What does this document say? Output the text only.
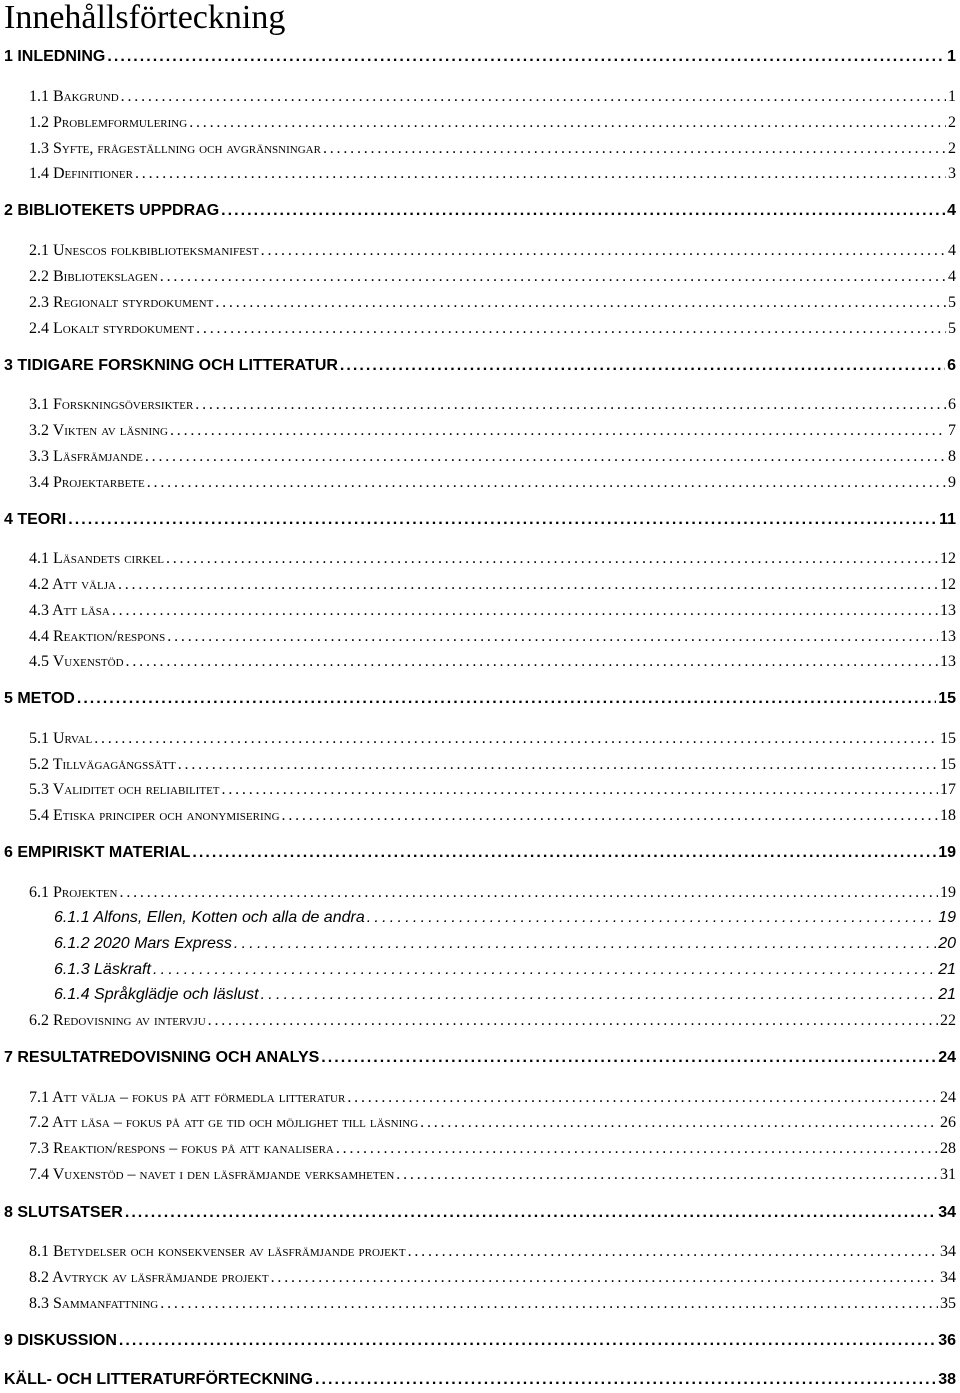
Innehållsförteckning
1 INLEDNING . . .	1
1.1 Bakgrund . . .	1
1.2 Problemformulering . . .	2
1.3 Syfte, frågeställning och avgränsningar . . .	2
1.4 Definitioner . . .	3
2 BIBLIOTEKETS UPPDRAG . . .	4
2.1 Unescos folkbiblioteksmanifest . . .	4
2.2 Bibliotekslagen . . .	4
2.3 Regionalt styrdokument . . .	5
2.4 Lokalt styrdokument . . .	5
3 TIDIGARE FORSKNING OCH LITTERATUR . . .	6
3.1 Forskningsöversikter . . .	6
3.2 Vikten av läsning . . .	7
3.3 Läsfrämjande . . .	8
3.4 Projektarbete . . .	9
4 TEORI . . .	11
4.1 Läsandets cirkel . . .	12
4.2 Att välja . . .	12
4.3 Att läsa . . .	13
4.4 Reaktion/respons . . .	13
4.5 Vuxenstöd . . .	13
5 METOD . . .	15
5.1 Urval . . .	15
5.2 Tillvägagångssätt . . .	15
5.3 Validitet och reliabilitet . . .	17
5.4 Etiska principer och anonymisering . . .	18
6 EMPIRISKT MATERIAL . . .	19
6.1 Projekten . . .	19
6.1.1 Alfons, Ellen, Kotten och alla de andra . . .	19
6.1.2 2020 Mars Express . . .	20
6.1.3 Läskraft . . .	21
6.1.4 Språkglädje och läslust . . .	21
6.2 Redovisning av intervju . . .	22
7 RESULTATREDOVISNING OCH ANALYS . . .	24
7.1 Att välja – fokus på att förmedla litteratur . . .	24
7.2 Att läsa – fokus på att ge tid och möjlighet till läsning . . .	26
7.3 Reaktion/respons – fokus på att kanalisera . . .	28
7.4 Vuxenstöd – navet i den läsfrämjande verksamheten . . .	31
8 SLUTSATSER . . .	34
8.1 Betydelser och konsekvenser av läsfrämjande projekt . . .	34
8.2 Avtryck av läsfrämjande projekt . . .	34
8.3 Sammanfattning . . .	35
9 DISKUSSION . . .	36
KÄLL- OCH LITTERATURFÖRTECKNING . . .	38
